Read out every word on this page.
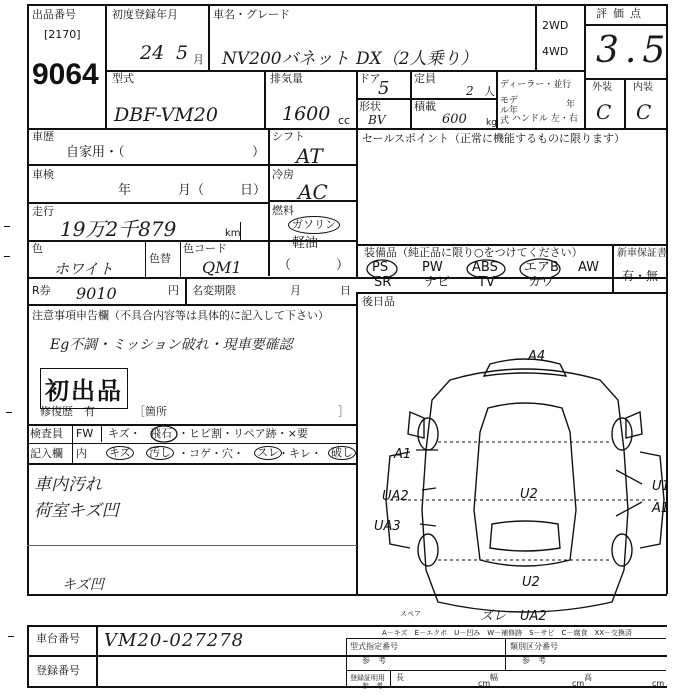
出品番号
[2170]
9064
初度登録年月
24 5 月
車名・グレード
NV200バネット DX（2人乗り）
2WD
4WD
評価点
3.5
外装 内装
C C
型式
DBF-VM20
排気量
1600 cc
ドア
5 定員
2 人
形状
BV
積載
600 kg
ディーラー・並行
モデル年式
年
ハンドル 左・右
車歴
自家用・（	）
シフト
AT
セールスポイント（正常に機能するものに限ります）
車検
年	月（	日）
冷房
AC
走行
19万2千879	km
燃料
ガソリン
軽油
色
ホワイト
色替
色コード
QM1	（	）
装備品（純正品に限り○をつけてください）
PS	PW ABS エアB AW
SR	ナビ TV	カワ
新車保証書
有・無
後日品
R券 9010	円 名変期限	月	日
注意事項申告欄（不具合内容等は具体的に記入して下さい）
Eg不調・ミッション破れ・現車要確認
初出品
修復歴　有	［箇所	］
検査員
記入欄
FW キズ・ 飛石 ・ヒビ割・リペア跡・×要
内 キズ 汚し ・コゲ・穴・ スレ ・キレ・ 破し
車内汚れ
荷室キズ凹
キズ凹
A4
A1
UA2
UA3
U2
U1
A1
U2
ズレ UA2
スペア
車台番号 VM20-027278
登録番号
A－キズ　E－エクボ　U－凹み　W－補修跡　S－サビ　C－腐食　XX－交換済
型式指定番号
参　考
類別区分番号
参　考
登録証明用
参　考
長
cm
幅
cm
高
cm
